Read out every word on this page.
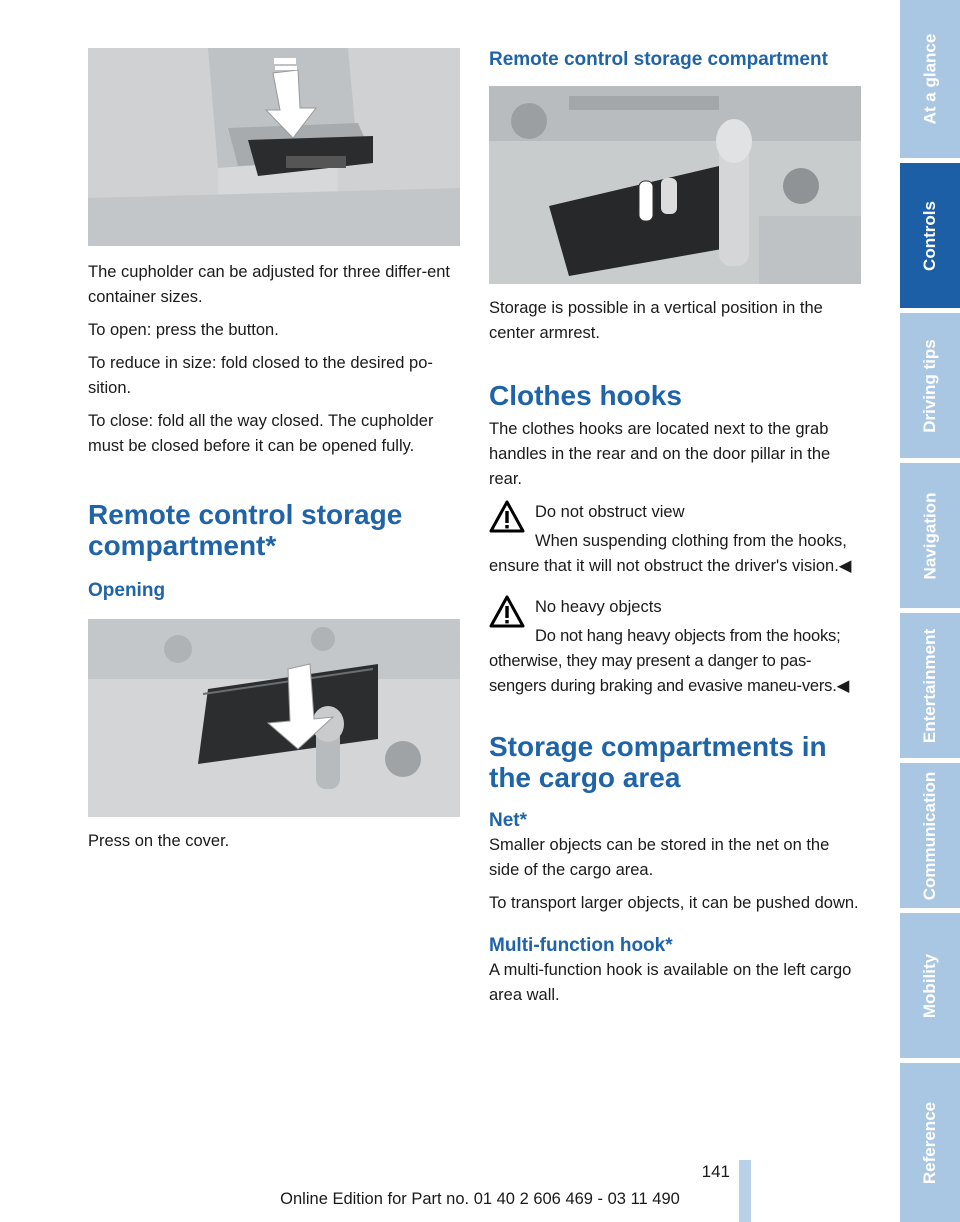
The cupholder can be adjusted for three differ‐ent container sizes.

To open: press the button.

To reduce in size: fold closed to the desired po‐sition.

To close: fold all the way closed. The cupholder must be closed before it can be opened fully.

Remote control storage compartment*
Opening

Press on the cover.

Remote control storage compartment

Storage is possible in a vertical position in the center armrest.

Clothes hooks

The clothes hooks are located next to the grab handles in the rear and on the door pillar in the rear.

Do not obstruct view

When suspending clothing from the hooks, ensure that it will not obstruct the driver's vision.◀

No heavy objects

Do not hang heavy objects from the hooks; otherwise, they may present a danger to pas‐sengers during braking and evasive maneu‐vers.◀

Storage compartments in the cargo area
Net*

Smaller objects can be stored in the net on the side of the cargo area.

To transport larger objects, it can be pushed down.

Multi-function hook*

A multi-function hook is available on the left cargo area wall.

At a glance
Controls
Driving tips
Navigation
Entertainment
Communication
Mobility
Reference
141
Online Edition for Part no. 01 40 2 606 469 - 03 11 490
